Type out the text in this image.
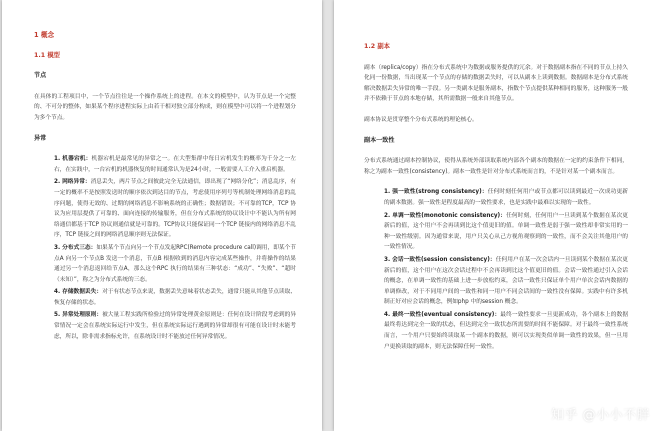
1 概念
1.1 模型
节点
在具体的工程项目中，一个节点往往是一个操作系统上的进程。在本文的模型中，认为节点是一个完整的、不可分的整体，如果某个程序进程实际上由若干相对独立部分构成，则在模型中可以将一个进程划分为多个节点。
异常
1. 机器宕机：机器宕机是最常见的异常之一。在大型集群中每日宕机发生的概率为千分之一左右，在实践中，一台宕机的机器恢复的时间通常认为是24小时，一般需要人工介入重启机器。
2. 网络异常：消息丢失，两片节点之间彼此完全无法通信，即出现了“网络分化”；消息乱序，有一定的概率不是按照发送时的顺序依次到达目的节点，考虑使用序列号等机制处理网络消息的乱序问题，使得无效的、过期的网络消息不影响系统的正确性；数据错误；不可靠的TCP，TCP 协议为应用层提供了可靠的、面向连接的传输服务，但在分布式系统的协议设计中不能认为所有网络通信都基于TCP 协议则通信就是可靠的。TCP协议只能保证同一个TCP 链接内的网络消息不乱序，TCP 链接之间的网络消息顺序则无法保证。
3. 分布式三态：如果某个节点向另一个节点发起RPC(Remote procedure call)调用，即某个节点A 向另一个节点B 发送一个消息，节点B 根据收到的消息内容完成某些操作，并将操作的结果通过另一个消息返回给节点A，那么这个RPC 执行的结果有三种状态：“成功”、“失败”、“超时（未知）”，称之为分布式系统的三态。
4. 存储数据丢失：对于有状态节点来说，数据丢失意味着状态丢失，通常只能从其他节点读取、恢复存储的状态。
5. 异常处理原则：被大量工程实践所检验过的异常处理黄金原则是：任何在设计阶段考虑到的异常情况一定会在系统实际运行中发生，但在系统实际运行遇到的异常却很有可能在设计时未能考虑，所以，除非需求指标允许，在系统设计时不能放过任何异常情况。
1.2 副本
副本（replica/copy）指在分布式系统中为数据或服务提供的冗余。对于数据副本指在不同的节点上持久化同一份数据，当出现某一个节点的存储的数据丢失时，可以从副本上读到数据。数据副本是分布式系统解决数据丢失异常的唯一手段。另一类副本是服务副本，指数个节点提供某种相同的服务，这种服务一般并不依赖于节点的本地存储，其所需数据一般来自其他节点。
副本协议是贯穿整个分布式系统的理论核心。
副本一致性
分布式系统通过副本控制协议，使得从系统外部读取系统内部各个副本的数据在一定的约束条件下相同，称之为副本一致性(consistency)。副本一致性是针对分布式系统而言的，不是针对某一个副本而言。
1. 强一致性(strong consistency)：任何时刻任何用户或节点都可以读到最近一次成功更新的副本数据。强一致性是程度最高的一致性要求，也是实践中最难以实现的一致性。
2. 单调一致性(monotonic consistency)：任何时刻，任何用户一旦读到某个数据在某次更新后的值，这个用户不会再读到比这个值更旧的值。单调一致性是弱于强一致性却非常实用的一种一致性级别。因为通常来说，用户只关心从己方视角观察到的一致性，而不会关注其他用户的一致性情况。
3. 会话一致性(session consistency)：任何用户在某一次会话内一旦读到某个数据在某次更新后的值，这个用户在这次会话过程中不会再读到比这个值更旧的值。会话一致性通过引入会话的概念，在单调一致性的基础上进一步放松约束，会话一致性只保证单个用户单次会话内数据的单调修改，对于不同用户间的一致性和同一用户不同会话间的一致性没有保障。实践中有许多机制正好对应会话的概念，例如php 中的session 概念。
4. 最终一致性(eventual consistency)：最终一致性要求一旦更新成功，各个副本上的数据最终将达到完全一致的状态，但达到完全一致状态所需要的时间不能保障。对于最终一致性系统而言，一个用户只要始终读取某一个副本的数据，则可以实现类似单调一致性的效果，但一旦用户更换读取的副本，则无法保障任何一致性。
知乎 @小小不胖
